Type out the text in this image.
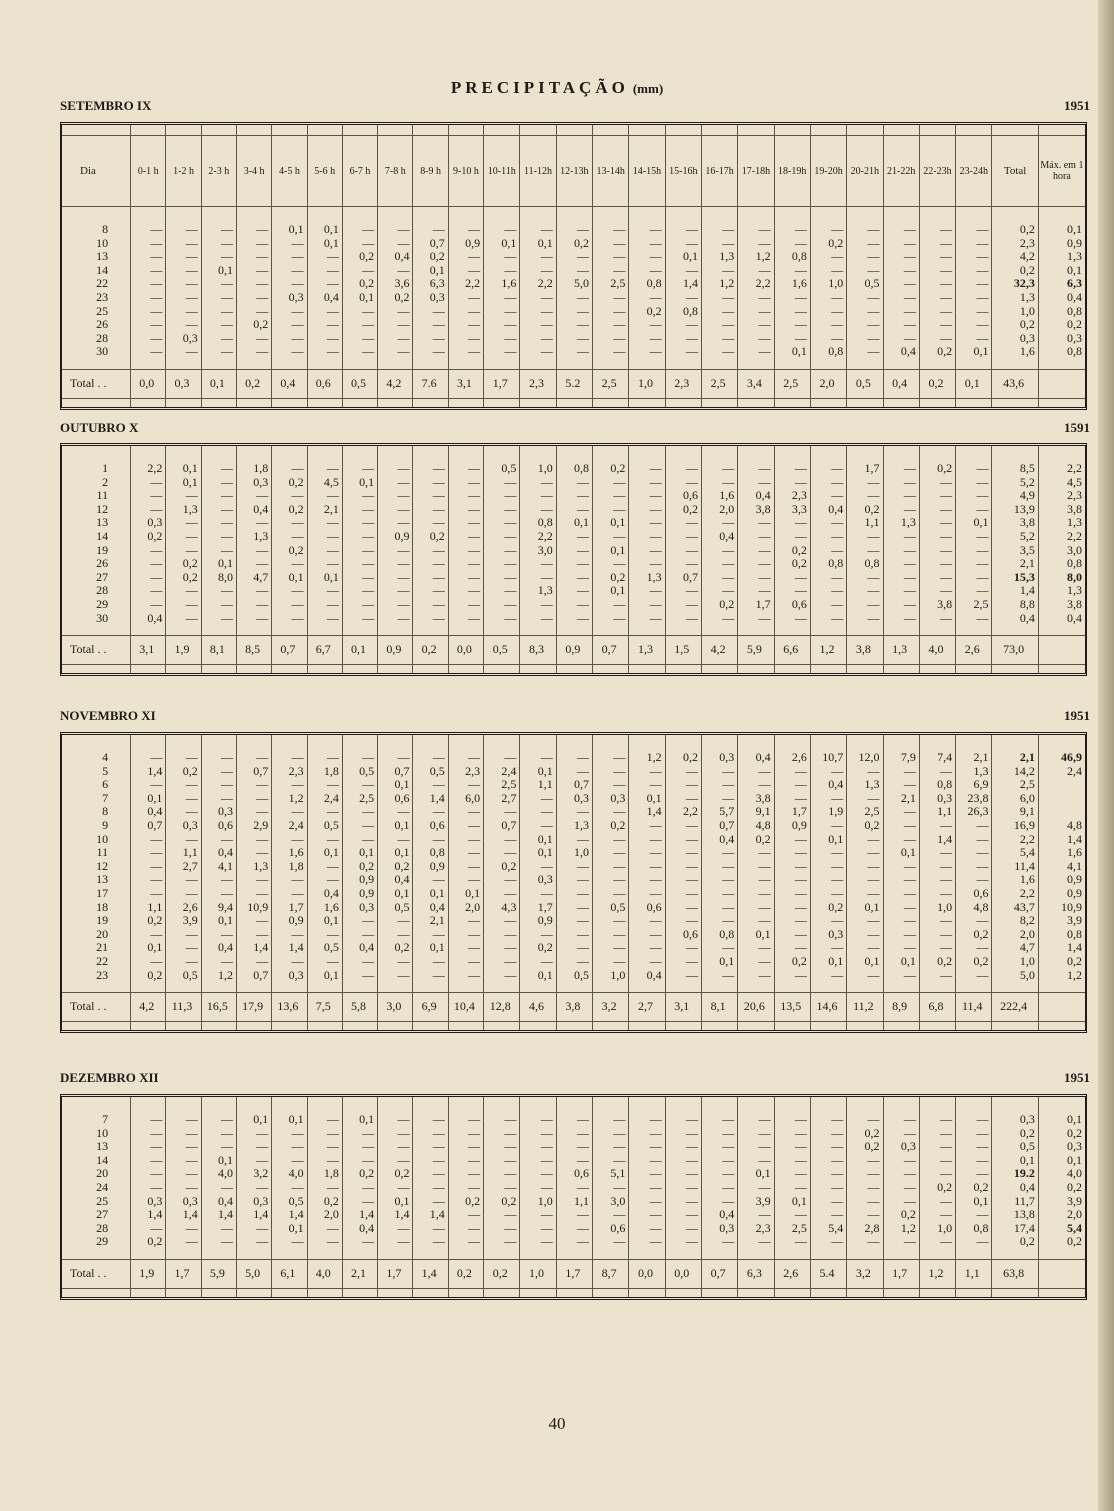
PRECIPITAÇÃO (mm)
SETEMBRO IX	1951

Dia	0-1 h	1-2 h	2-3 h	3-4 h	4-5 h	5-6 h	6-7 h	7-8 h	8-9 h	9-10 h	10-11h	11-12h	12-13h	13-14h	14-15h	15-16h	16-17h	17-18h	18-19h	19-20h	20-21h	21-22h	22-23h	23-24h	Total	Máx. em 1 hora

8	—	—	—	—	0,1	0,1	—	—	—	—	—	—	—	—	—	—	—	—	—	—	—	—	—	—	0,2	0,1
10	—	—	—	—	—	0,1	—	—	0,7	0,9	0,1	0,1	0,2	—	—	—	—	—	—	0,2	—	—	—	—	2,3	0,9
13	—	—	—	—	—	—	0,2	0,4	0,2	—	—	—	—	—	—	0,1	1,3	1,2	0,8	—	—	—	—	—	4,2	1,3
14	—	—	0,1	—	—	—	—	—	0,1	—	—	—	—	—	—	—	—	—	—	—	—	—	—	—	0,2	0,1
22	—	—	—	—	—	—	0,2	3,6	6,3	2,2	1,6	2,2	5,0	2,5	0,8	1,4	1,2	2,2	1,6	1,0	0,5	—	—	—	32,3	6,3
23	—	—	—	—	0,3	0,4	0,1	0,2	0,3	—	—	—	—	—	—	—	—	—	—	—	—	—	—	—	1,3	0,4
25	—	—	—	—	—	—	—	—	—	—	—	—	—	—	0,2	0,8	—	—	—	—	—	—	—	—	1,0	0,8
26	—	—	—	0,2	—	—	—	—	—	—	—	—	—	—	—	—	—	—	—	—	—	—	—	—	0,2	0,2
28	—	0,3	—	—	—	—	—	—	—	—	—	—	—	—	—	—	—	—	—	—	—	—	—	—	0,3	0,3
30	—	—	—	—	—	—	—	—	—	—	—	—	—	—	—	—	—	—	0,1	0,8	—	0,4	0,2	0,1	1,6	0,8

Total . .	0,0	0,3	0,1	0,2	0,4	0,6	0,5	4,2	7.6	3,1	1,7	2,3	5.2	2,5	1,0	2,3	2,5	3,4	2,5	2,0	0,5	0,4	0,2	0,1	43,6	

OUTUBRO X	1591

1	2,2	0,1	—	1,8	—	—	—	—	—	—	0,5	1,0	0,8	0,2	—	—	—	—	—	—	1,7	—	0,2	—	8,5	2,2
2	—	0,1	—	0,3	0,2	4,5	0,1	—	—	—	—	—	—	—	—	—	—	—	—	—	—	—	—	—	5,2	4,5
11	—	—	—	—	—	—	—	—	—	—	—	—	—	—	—	0,6	1,6	0,4	2,3	—	—	—	—	—	4,9	2,3
12	—	1,3	—	0,4	0,2	2,1	—	—	—	—	—	—	—	—	—	0,2	2,0	3,8	3,3	0,4	0,2	—	—	—	13,9	3,8
13	0,3	—	—	—	—	—	—	—	—	—	—	0,8	0,1	0,1	—	—	—	—	—	—	1,1	1,3	—	0,1	3,8	1,3
14	0,2	—	—	1,3	—	—	—	0,9	0,2	—	—	2,2	—	—	—	—	0,4	—	—	—	—	—	—	—	5,2	2,2
19	—	—	—	—	0,2	—	—	—	—	—	—	3,0	—	0,1	—	—	—	—	0,2	—	—	—	—	—	3,5	3,0
26	—	0,2	0,1	—	—	—	—	—	—	—	—	—	—	—	—	—	—	—	0,2	0,8	0,8	—	—	—	2,1	0,8
27	—	0,2	8,0	4,7	0,1	0,1	—	—	—	—	—	—	—	0,2	1,3	0,7	—	—	—	—	—	—	—	—	15,3	8,0
28	—	—	—	—	—	—	—	—	—	—	—	1,3	—	0,1	—	—	—	—	—	—	—	—	—	—	1,4	1,3
29	—	—	—	—	—	—	—	—	—	—	—	—	—	—	—	—	0,2	1,7	0,6	—	—	—	3,8	2,5	8,8	3,8
30	0,4	—	—	—	—	—	—	—	—	—	—	—	—	—	—	—	—	—	—	—	—	—	—	—	0,4	0,4

Total . .	3,1	1,9	8,1	8,5	0,7	6,7	0,1	0,9	0,2	0,0	0,5	8,3	0,9	0,7	1,3	1,5	4,2	5,9	6,6	1,2	3,8	1,3	4,0	2,6	73,0	

NOVEMBRO XI	1951

4	—	—	—	—	—	—	—	—	—	—	—	—	—	—	1,2	0,2	0,3	0,4	2,6	10,7	12,0	7,9	7,4	2,1	2,1	46,9
5	1,4	0,2	—	0,7	2,3	1,8	0,5	0,7	0,5	2,3	2,4	0,1	—	—	—	—	—	—	—	—	—	—	—	1,3	14,2	2,4
6	—	—	—	—	—	—	—	0,1	—	—	2,5	1,1	0,7	—	—	—	—	—	—	0,4	1,3	—	0,8	6,9	2,5	
7	0,1	—	—	—	1,2	2,4	2,5	0,6	1,4	6,0	2,7	—	0,3	0,3	0,1	—	—	3,8	—	—	—	2,1	0,3	23,8	6,0	
8	0,4	—	0,3	—	—	—	—	—	—	—	—	—	—	—	1,4	2,2	5,7	9,1	1,7	1,9	2,5	—	1,1	26,3	9,1	
9	0,7	0,3	0,6	2,9	2,4	0,5	—	0,1	0,6	—	0,7	—	1,3	0,2	—	—	0,7	4,8	0,9	—	0,2	—	—	—	16,9	4,8
10	—	—	—	—	—	—	—	—	—	—	—	0,1	—	—	—	—	0,4	0,2	—	0,1	—	—	1,4	—	2,2	1,4
11	—	1,1	0,4	—	1,6	0,1	0,1	0,1	0,8	—	—	0,1	1,0	—	—	—	—	—	—	—	—	0,1	—	—	5,4	1,6
12	—	2,7	4,1	1,3	1,8	—	0,2	0,2	0,9	—	0,2	—	—	—	—	—	—	—	—	—	—	—	—	—	11,4	4,1
13	—	—	—	—	—	—	0,9	0,4	—	—	—	0,3	—	—	—	—	—	—	—	—	—	—	—	—	1,6	0,9
17	—	—	—	—	—	0,4	0,9	0,1	0,1	0,1	—	—	—	—	—	—	—	—	—	—	—	—	—	0,6	2,2	0,9
18	1,1	2,6	9,4	10,9	1,7	1,6	0,3	0,5	0,4	2,0	4,3	1,7	—	0,5	0,6	—	—	—	—	0,2	0,1	—	1,0	4,8	43,7	10,9
19	0,2	3,9	0,1	—	0,9	0,1	—	—	2,1	—	—	0,9	—	—	—	—	—	—	—	—	—	—	—	—	8,2	3,9
20	—	—	—	—	—	—	—	—	—	—	—	—	—	—	—	0,6	0,8	0,1	—	0,3	—	—	—	0,2	2,0	0,8
21	0,1	—	0,4	1,4	1,4	0,5	0,4	0,2	0,1	—	—	0,2	—	—	—	—	—	—	—	—	—	—	—	—	4,7	1,4
22	—	—	—	—	—	—	—	—	—	—	—	—	—	—	—	—	0,1	—	0,2	0,1	0,1	0,1	0,2	0,2	1,0	0,2
23	0,2	0,5	1,2	0,7	0,3	0,1	—	—	—	—	—	0,1	0,5	1,0	0,4	—	—	—	—	—	—	—	—	—	5,0	1,2

Total . .	4,2	11,3	16,5	17,9	13,6	7,5	5,8	3,0	6,9	10,4	12,8	4,6	3,8	3,2	2,7	3,1	8,1	20,6	13,5	14,6	11,2	8,9	6,8	11,4	222,4	

DEZEMBRO XII	1951

7	—	—	—	0,1	0,1	—	0,1	—	—	—	—	—	—	—	—	—	—	—	—	—	—	—	—	—	0,3	0,1
10	—	—	—	—	—	—	—	—	—	—	—	—	—	—	—	—	—	—	—	—	0,2	—	—	—	0,2	0,2
13	—	—	—	—	—	—	—	—	—	—	—	—	—	—	—	—	—	—	—	—	0,2	0,3	—	—	0,5	0,3
14	—	—	0,1	—	—	—	—	—	—	—	—	—	—	—	—	—	—	—	—	—	—	—	—	—	0,1	0,1
20	—	—	4,0	3,2	4,0	1,8	0,2	0,2	—	—	—	—	0,6	5,1	—	—	—	0,1	—	—	—	—	—	—	19.2	4,0
24	—	—	—	—	—	—	—	—	—	—	—	—	—	—	—	—	—	—	—	—	—	—	0,2	0,2	0,4	0,2
25	0,3	0,3	0,4	0,3	0,5	0,2	—	0,1	—	0,2	0,2	1,0	1,1	3,0	—	—	—	3,9	0,1	—	—	—	—	0,1	11,7	3,9
27	1,4	1,4	1,4	1,4	1,4	2,0	1,4	1,4	1,4	—	—	—	—	—	—	—	0,4	—	—	—	—	0,2	—	—	13,8	2,0
28	—	—	—	—	0,1	—	0,4	—	—	—	—	—	—	0,6	—	—	0,3	2,3	2,5	5,4	2,8	1,2	1,0	0,8	17,4	5,4
29	0,2	—	—	—	—	—	—	—	—	—	—	—	—	—	—	—	—	—	—	—	—	—	—	—	0,2	0,2

Total . .	1,9	1,7	5,9	5,0	6,1	4,0	2,1	1,7	1,4	0,2	0,2	1,0	1,7	8,7	0,0	0,0	0,7	6,3	2,6	5.4	3,2	1,7	1,2	1,1	63,8	

40
